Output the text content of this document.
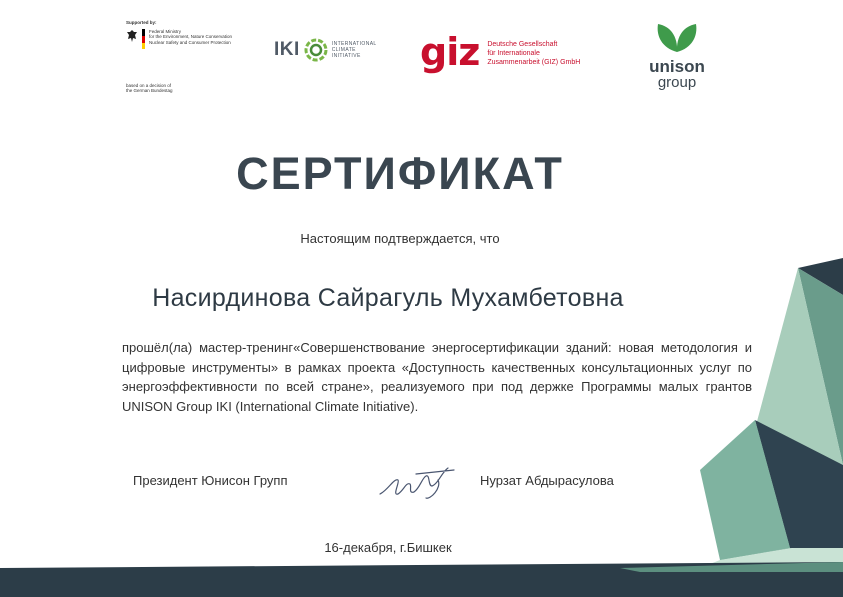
Supported by:
Federal Ministry
for the Environment, Nature Conservation
Nuclear Safety and Consumer Protection
based on a decision of
the German Bundestag
IKI	INTERNATIONAL
CLIMATE
INITIATIVE	giz Deutsche Gesellschaft
für Internationale
Zusammenarbeit (GIZ) GmbH	unison
group
СЕРТИФИКАТ
Настоящим подтверждается, что
Насирдинова Сайрагуль Мухамбетовна
прошёл(ла) мастер-тренинг«Совершенствование энергосертификации зданий: новая методология и цифровые инструменты» в рамках проекта «Доступность качественных консультационных услуг по энергоэффективности по всей стране», реализуемого при под держке Программы малых грантов UNISON Group IKI (International Climate Initiative).
Президент Юнисон Групп	Нурзат Абдырасулова
16-декабря, г.Бишкек
